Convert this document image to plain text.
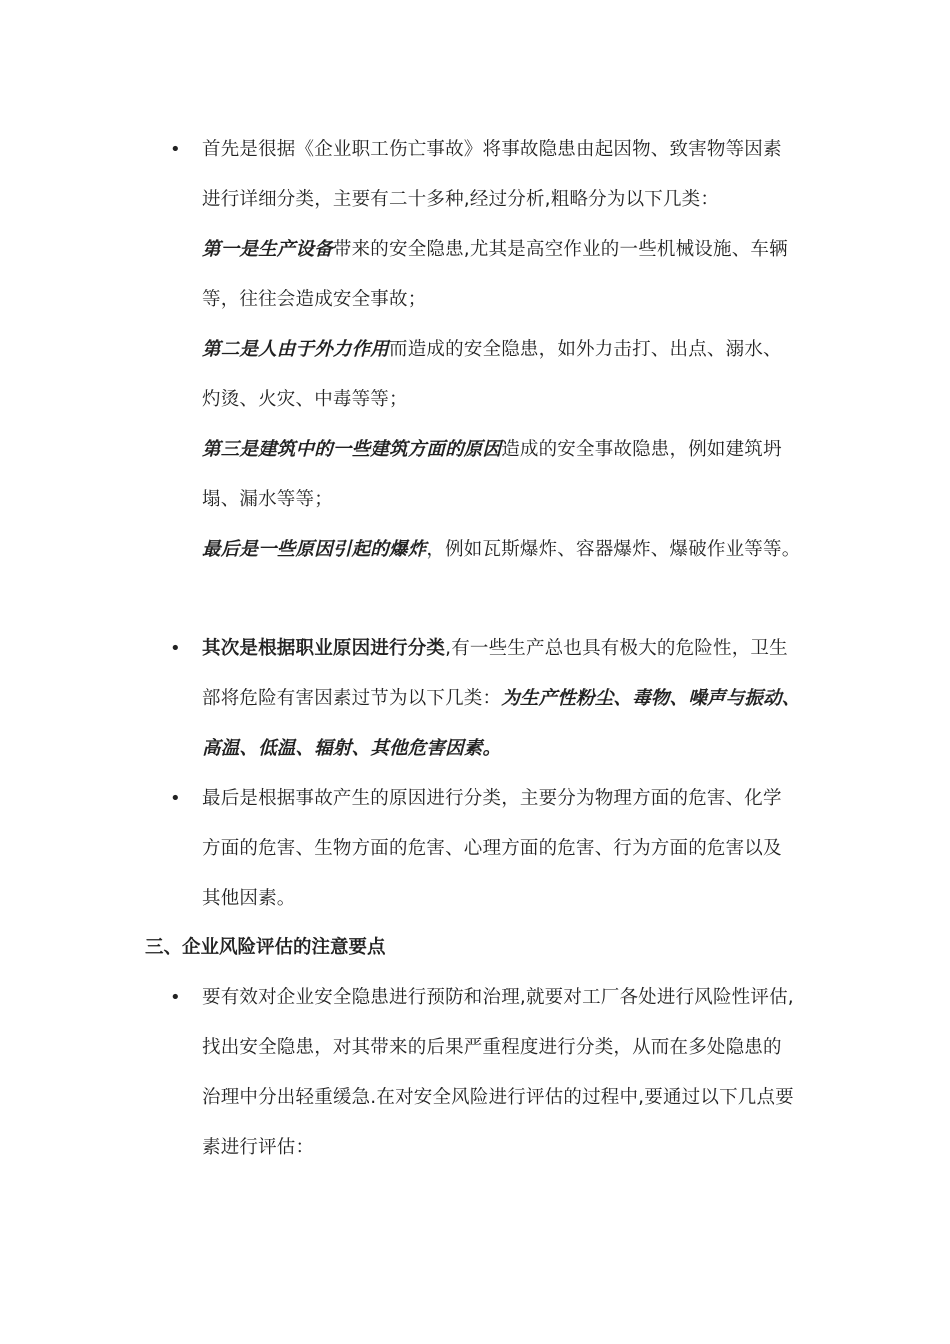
• 首先是很据《企业职工伤亡事故》将事故隐患由起因物、致害物等因素
进行详细分类，主要有二十多种,经过分析,粗略分为以下几类：
第一是生产设备带来的安全隐患,尤其是高空作业的一些机械设施、车辆
等，往往会造成安全事故；
第二是人由于外力作用而造成的安全隐患，如外力击打、出点、溺水、
灼烫、火灾、中毒等等；
第三是建筑中的一些建筑方面的原因造成的安全事故隐患，例如建筑坍
塌、漏水等等；
最后是一些原因引起的爆炸，例如瓦斯爆炸、容器爆炸、爆破作业等等。
• 其次是根据职业原因进行分类,有一些生产总也具有极大的危险性，卫生
部将危险有害因素过节为以下几类：为生产性粉尘、毒物、噪声与振动、
高温、低温、辐射、其他危害因素。
• 最后是根据事故产生的原因进行分类，主要分为物理方面的危害、化学
方面的危害、生物方面的危害、心理方面的危害、行为方面的危害以及
其他因素。
三、企业风险评估的注意要点
• 要有效对企业安全隐患进行预防和治理,就要对工厂各处进行风险性评估,
找出安全隐患，对其带来的后果严重程度进行分类，从而在多处隐患的
治理中分出轻重缓急.在对安全风险进行评估的过程中,要通过以下几点要
素进行评估：
